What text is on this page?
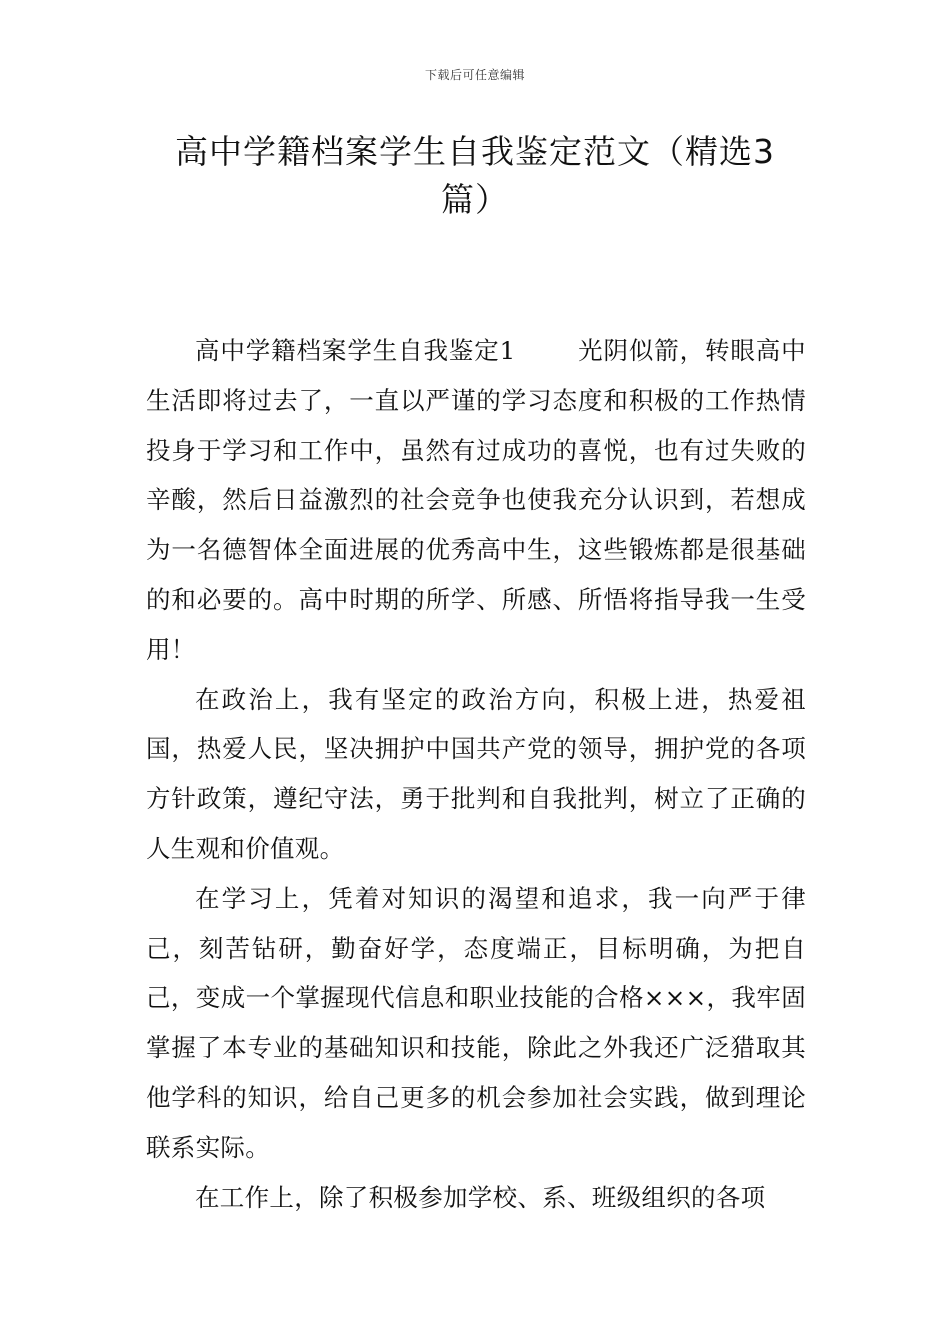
下载后可任意编辑
高中学籍档案学生自我鉴定范文（精选3篇）

高中学籍档案学生自我鉴定1	光阴似箭，转眼高中生活即将过去了，一直以严谨的学习态度和积极的工作热情投身于学习和工作中，虽然有过成功的喜悦，也有过失败的辛酸，然后日益激烈的社会竞争也使我充分认识到，若想成为一名德智体全面进展的优秀高中生，这些锻炼都是很基础的和必要的。高中时期的所学、所感、所悟将指导我一生受用！

在政治上，我有坚定的政治方向，积极上进，热爱祖国，热爱人民，坚决拥护中国共产党的领导，拥护党的各项方针政策，遵纪守法，勇于批判和自我批判，树立了正确的人生观和价值观。

在学习上，凭着对知识的渴望和追求，我一向严于律己，刻苦钻研，勤奋好学，态度端正，目标明确，为把自己，变成一个掌握现代信息和职业技能的合格×××，我牢固掌握了本专业的基础知识和技能，除此之外我还广泛猎取其他学科的知识，给自己更多的机会参加社会实践，做到理论联系实际。

在工作上，除了积极参加学校、系、班级组织的各项
